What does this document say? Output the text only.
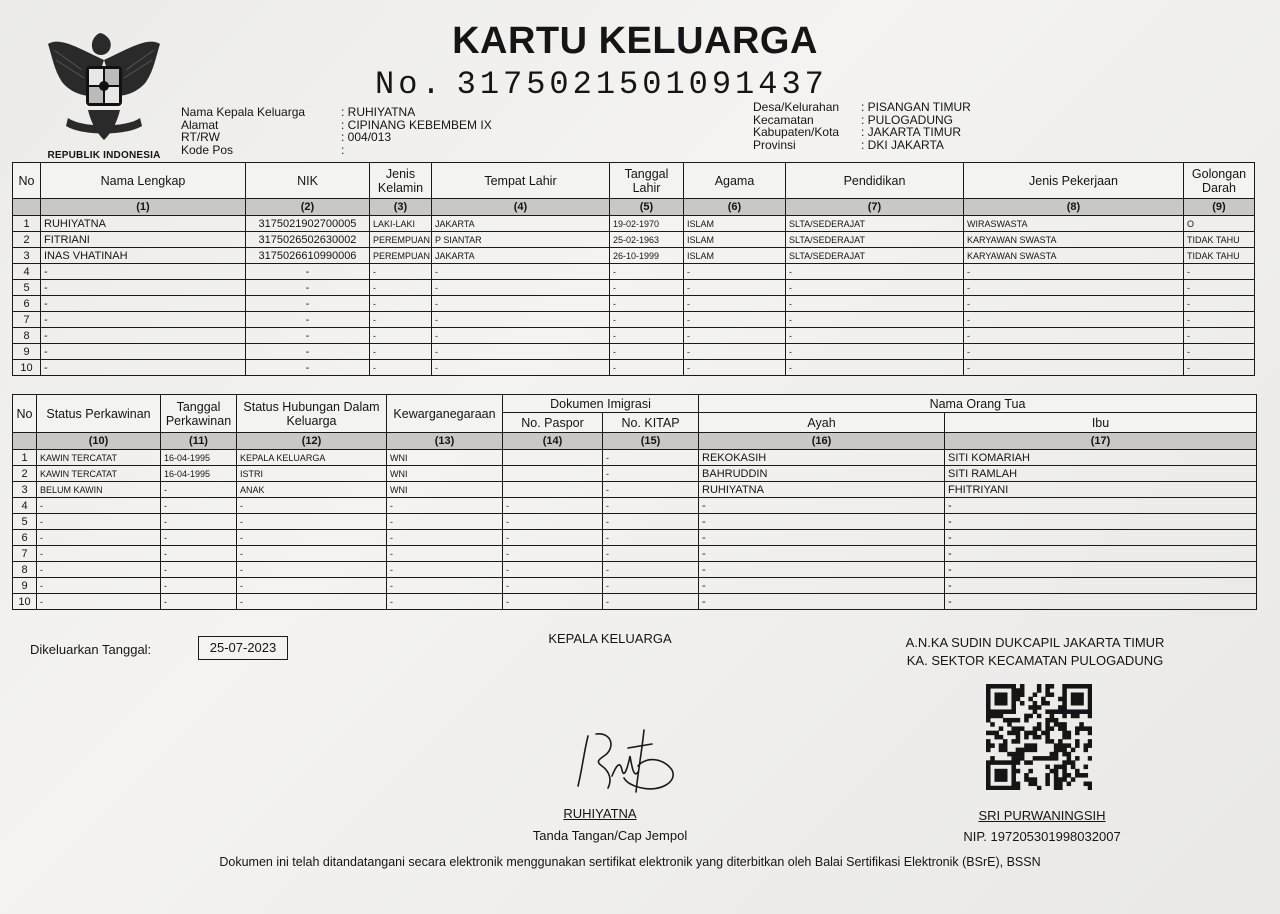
REPUBLIK INDONESIA
KARTU KELUARGA
No. 3175021501091437
Nama Kepala Keluarga	: RUHIYATNA
Alamat	: CIPINANG KEBEMBEM IX
RT/RW	: 004/013
Kode Pos	:
Desa/Kelurahan	: PISANGAN TIMUR
Kecamatan	: PULOGADUNG
Kabupaten/Kota	: JAKARTA TIMUR
Provinsi	: DKI JAKARTA
No	Nama Lengkap	NIK	Jenis Kelamin	Tempat Lahir	Tanggal Lahir	Agama	Pendidikan	Jenis Pekerjaan	Golongan Darah
	(1)	(2)	(3)	(4)	(5)	(6)	(7)	(8)	(9)
1	RUHIYATNA	3175021902700005	LAKI-LAKI	JAKARTA	19-02-1970	ISLAM	SLTA/SEDERAJAT	WIRASWASTA	O
2	FITRIANI	3175026502630002	PEREMPUAN	P SIANTAR	25-02-1963	ISLAM	SLTA/SEDERAJAT	KARYAWAN SWASTA	TIDAK TAHU
3	INAS VHATINAH	3175026610990006	PEREMPUAN	JAKARTA	26-10-1999	ISLAM	SLTA/SEDERAJAT	KARYAWAN SWASTA	TIDAK TAHU
4	-	-	-	-	-	-	-	-	-
5	-	-	-	-	-	-	-	-	-
6	-	-	-	-	-	-	-	-	-
7	-	-	-	-	-	-	-	-	-
8	-	-	-	-	-	-	-	-	-
9	-	-	-	-	-	-	-	-	-
10	-	-	-	-	-	-	-	-	-
No	Status Perkawinan	Tanggal Perkawinan	Status Hubungan Dalam Keluarga	Kewarganegaraan	Dokumen Imigrasi		Nama Orang Tua	
					No. Paspor	No. KITAP	Ayah	Ibu
	(10)	(11)	(12)	(13)	(14)	(15)	(16)	(17)
1	KAWIN TERCATAT	16-04-1995	KEPALA KELUARGA	WNI		-	REKOKASIH	SITI KOMARIAH
2	KAWIN TERCATAT	16-04-1995	ISTRI	WNI		-	BAHRUDDIN	SITI RAMLAH
3	BELUM KAWIN	-	ANAK	WNI		-	RUHIYATNA	FHITRIYANI
4	-	-	-	-	-	-	-	-
5	-	-	-	-	-	-	-	-
6	-	-	-	-	-	-	-	-
7	-	-	-	-	-	-	-	-
8	-	-	-	-	-	-	-	-
9	-	-	-	-	-	-	-	-
10	-	-	-	-	-	-	-	-
Dikeluarkan Tanggal:	25-07-2023
KEPALA KELUARGA	A.N.KA SUDIN DUKCAPIL JAKARTA TIMUR
KA. SEKTOR KECAMATAN PULOGADUNG
RUHIYATNA
Tanda Tangan/Cap Jempol
SRI PURWANINGSIH
NIP. 197205301998032007
Dokumen ini telah ditandatangani secara elektronik menggunakan sertifikat elektronik yang diterbitkan oleh Balai Sertifikasi Elektronik (BSrE), BSSN
